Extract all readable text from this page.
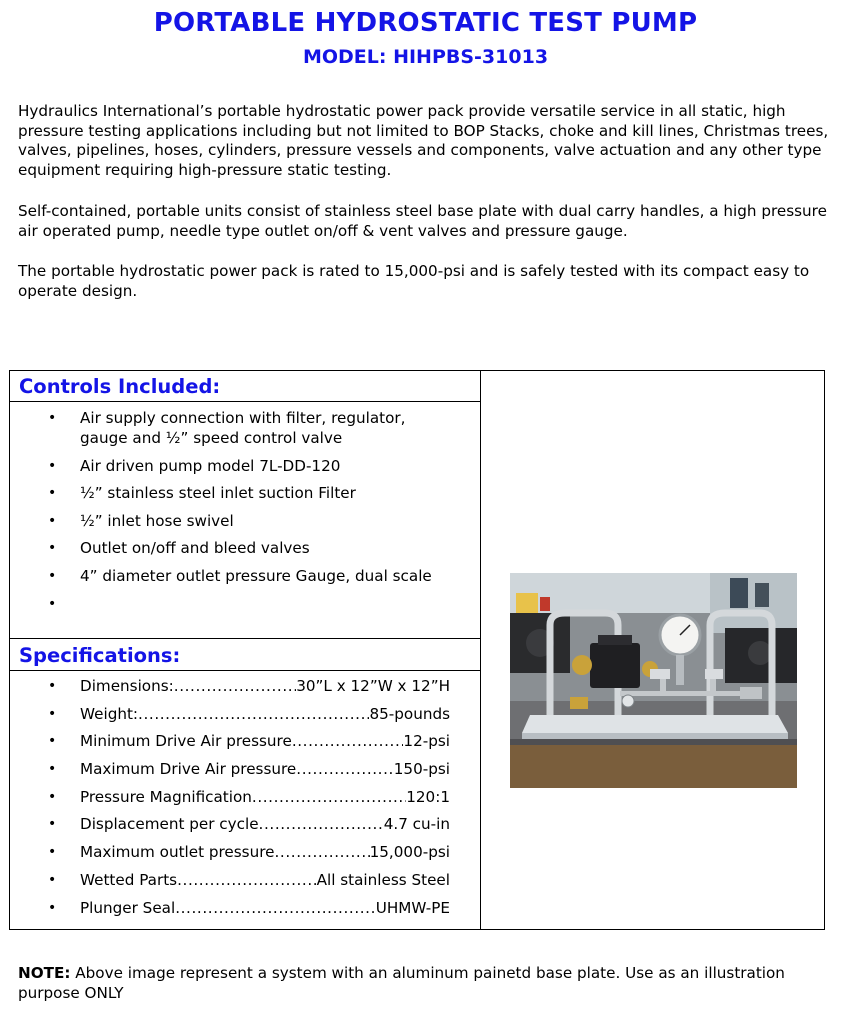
PORTABLE HYDROSTATIC TEST PUMP
MODEL: HIHPBS-31013
Hydraulics International’s portable hydrostatic power pack provide versatile service in all static, high pressure testing applications including but not limited to BOP Stacks, choke and kill lines, Christmas trees, valves, pipelines, hoses, cylinders, pressure vessels and components, valve actuation and any other type equipment requiring high-pressure static testing.
Self-contained, portable units consist of stainless steel base plate with dual carry handles, a high pressure air operated pump, needle type outlet on/off & vent valves and pressure gauge.
The portable hydrostatic power pack is rated to 15,000-psi and is safely tested with its compact easy to operate design.
Controls Included:
• Air supply connection with filter, regulator, gauge and ½” speed control valve
• Air driven pump model 7L-DD-120
• ½” stainless steel inlet suction Filter
• ½” inlet hose swivel
• Outlet on/off and bleed valves
• 4” diameter outlet pressure Gauge, dual scale
•
Specifications:
• Dimensions: .....	30”L x 12”W x 12”H
• Weight: .....	85-pounds
• Minimum Drive Air pressure .....	12-psi
• Maximum Drive Air pressure .....	150-psi
• Pressure Magnification .....	120:1
• Displacement per cycle .....	4.7 cu-in
• Maximum outlet pressure .....	15,000-psi
• Wetted Parts .....	All stainless Steel
• Plunger Seal .....	UHMW-PE
NOTE: Above image represent a system with an aluminum painetd base plate. Use as an illustration purpose ONLY
